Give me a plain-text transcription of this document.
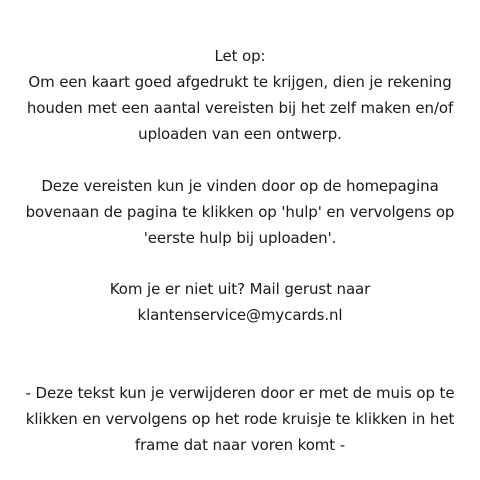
Let op:
Om een kaart goed afgedrukt te krijgen, dien je rekening
houden met een aantal vereisten bij het zelf maken en/of
uploaden van een ontwerp.
Deze vereisten kun je vinden door op de homepagina
bovenaan de pagina te klikken op 'hulp' en vervolgens op
'eerste hulp bij uploaden'.
Kom je er niet uit? Mail gerust naar
klantenservice@mycards.nl
- Deze tekst kun je verwijderen door er met de muis op te
klikken en vervolgens op het rode kruisje te klikken in het
frame dat naar voren komt -
